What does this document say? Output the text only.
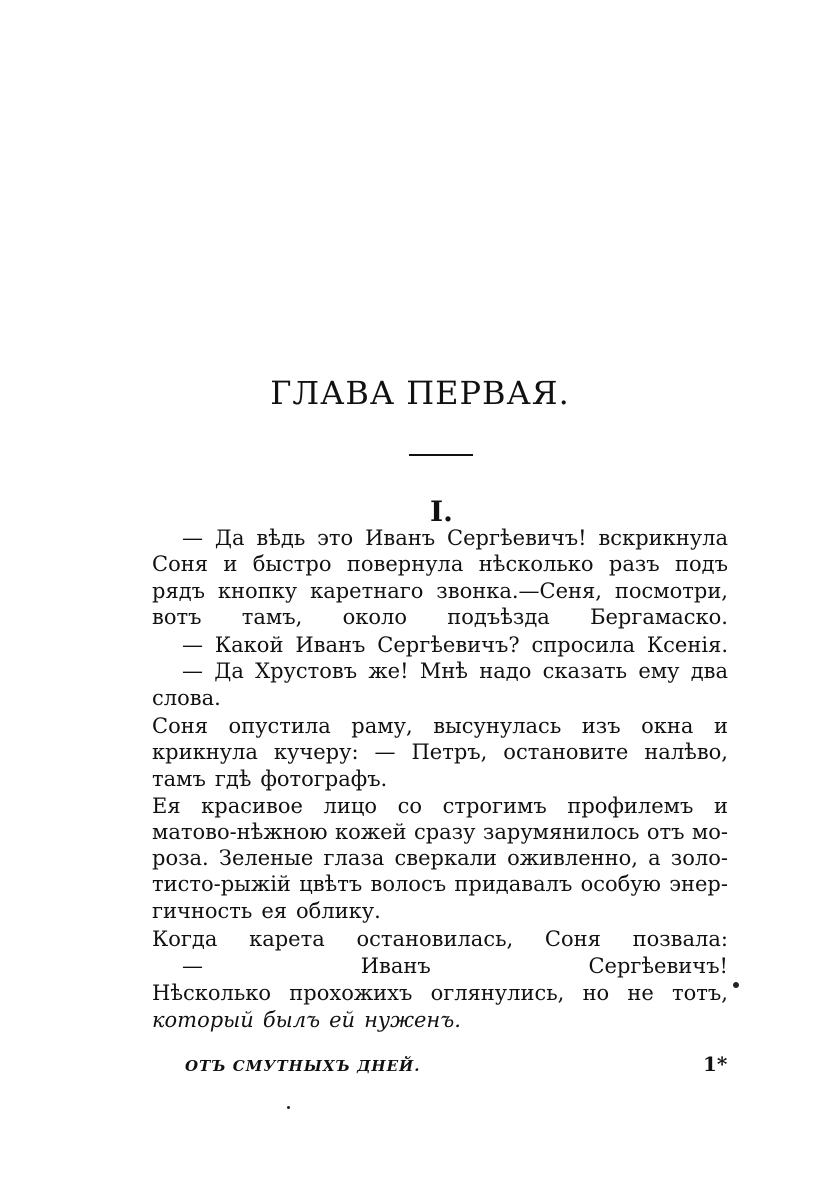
ГЛАВА ПЕРВАЯ.
I.
— Да вѣдь это Иванъ Сергѣевичъ! вскрикнула
Соня и быстро повернула нѣсколько разъ подъ
рядъ кнопку каретнаго звонка.—Сеня, посмотри,
вотъ тамъ, около подъѣзда Бергамаско.
— Какой Иванъ Сергѣевичъ? спросила Ксенія.
— Да Хрустовъ же! Мнѣ надо сказать ему два
слова.
Соня опустила раму, высунулась изъ окна и
крикнула кучеру: — Петръ, остановите налѣво,
тамъ гдѣ фотографъ.
Ея красивое лицо со строгимъ профилемъ и
матово-нѣжною кожей сразу зарумянилось отъ мо-
роза. Зеленые глаза сверкали оживленно, а золо-
тисто-рыжій цвѣтъ волосъ придавалъ особую энер-
гичность ея облику.
Когда карета остановилась, Соня позвала:
—	Иванъ	Сергѣевичъ!
Нѣсколько прохожихъ оглянулись, но не тотъ,
который былъ ей нуженъ.
ОТЪ СМУТНЫХЪ ДНЕЙ.	1*
